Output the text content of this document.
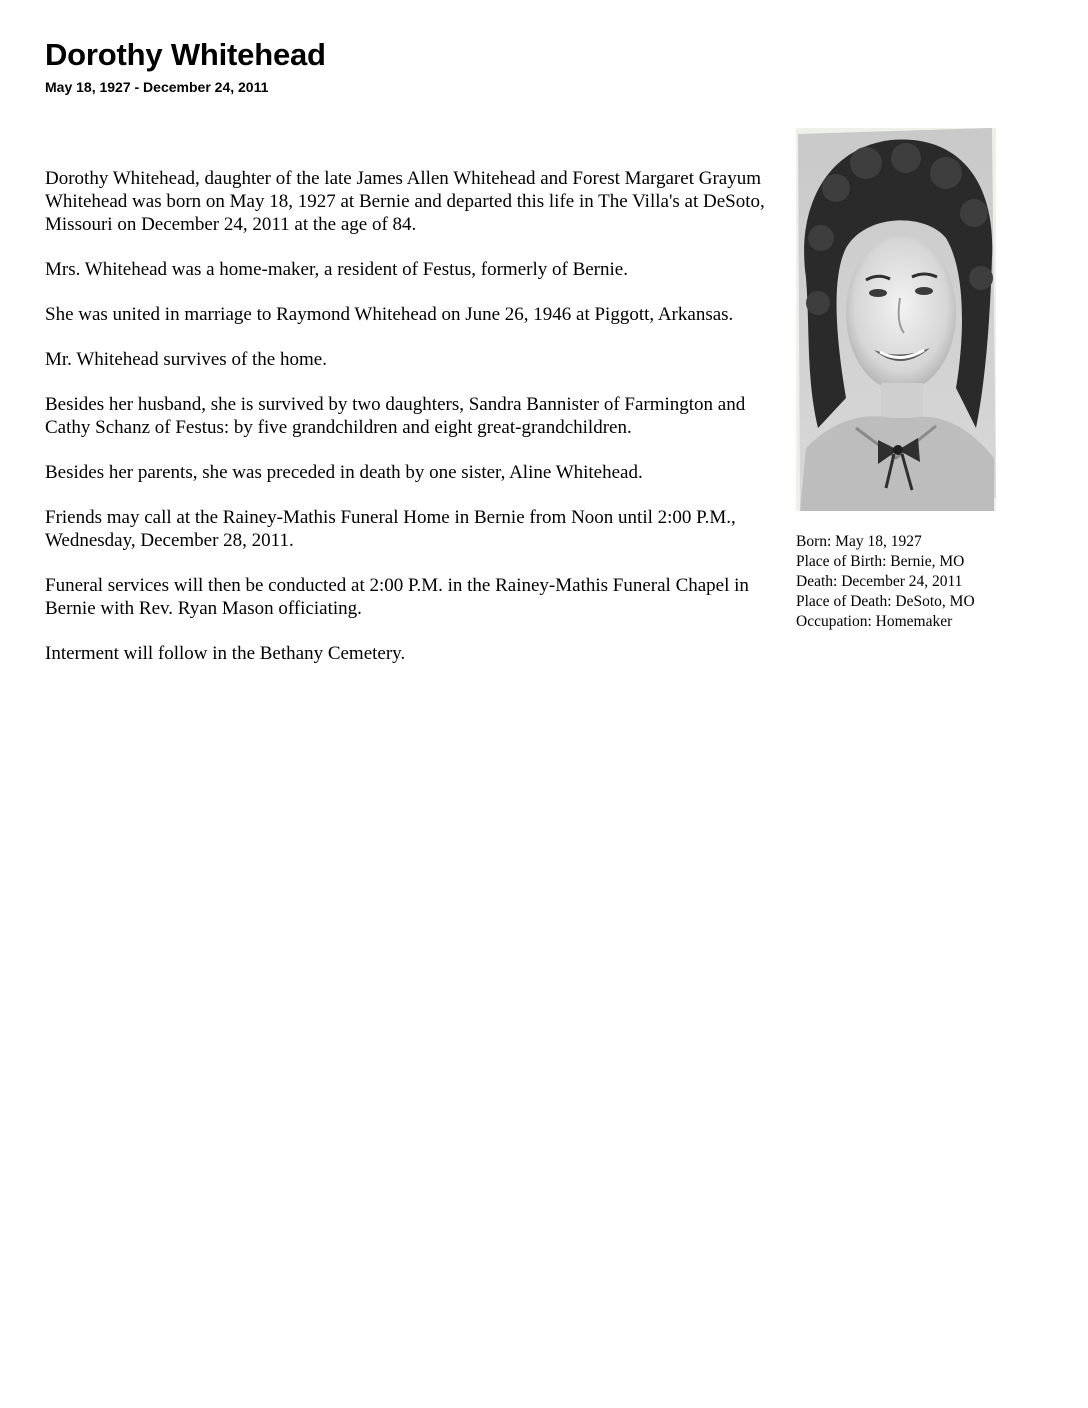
Dorothy Whitehead
May 18, 1927 - December 24, 2011

Dorothy Whitehead, daughter of the late James Allen Whitehead and Forest Margaret Grayum Whitehead was born on May 18, 1927 at Bernie and departed this life in The Villa's at DeSoto, Missouri on December 24, 2011 at the age of 84.

Mrs. Whitehead was a home-maker, a resident of Festus, formerly of Bernie.

She was united in marriage to Raymond Whitehead on June 26, 1946 at Piggott, Arkansas.

Mr. Whitehead survives of the home.

Besides her husband, she is survived by two daughters, Sandra Bannister of Farmington and Cathy Schanz of Festus: by five grandchildren and eight great-grandchildren.

Besides her parents, she was preceded in death by one sister, Aline Whitehead.

Friends may call at the Rainey-Mathis Funeral Home in Bernie from Noon until 2:00 P.M., Wednesday, December 28, 2011.

Funeral services will then be conducted at 2:00 P.M. in the Rainey-Mathis Funeral Chapel in Bernie with Rev. Ryan Mason officiating.

Interment will follow in the Bethany Cemetery.

Born: May 18, 1927
Place of Birth: Bernie, MO
Death: December 24, 2011
Place of Death: DeSoto, MO
Occupation: Homemaker
